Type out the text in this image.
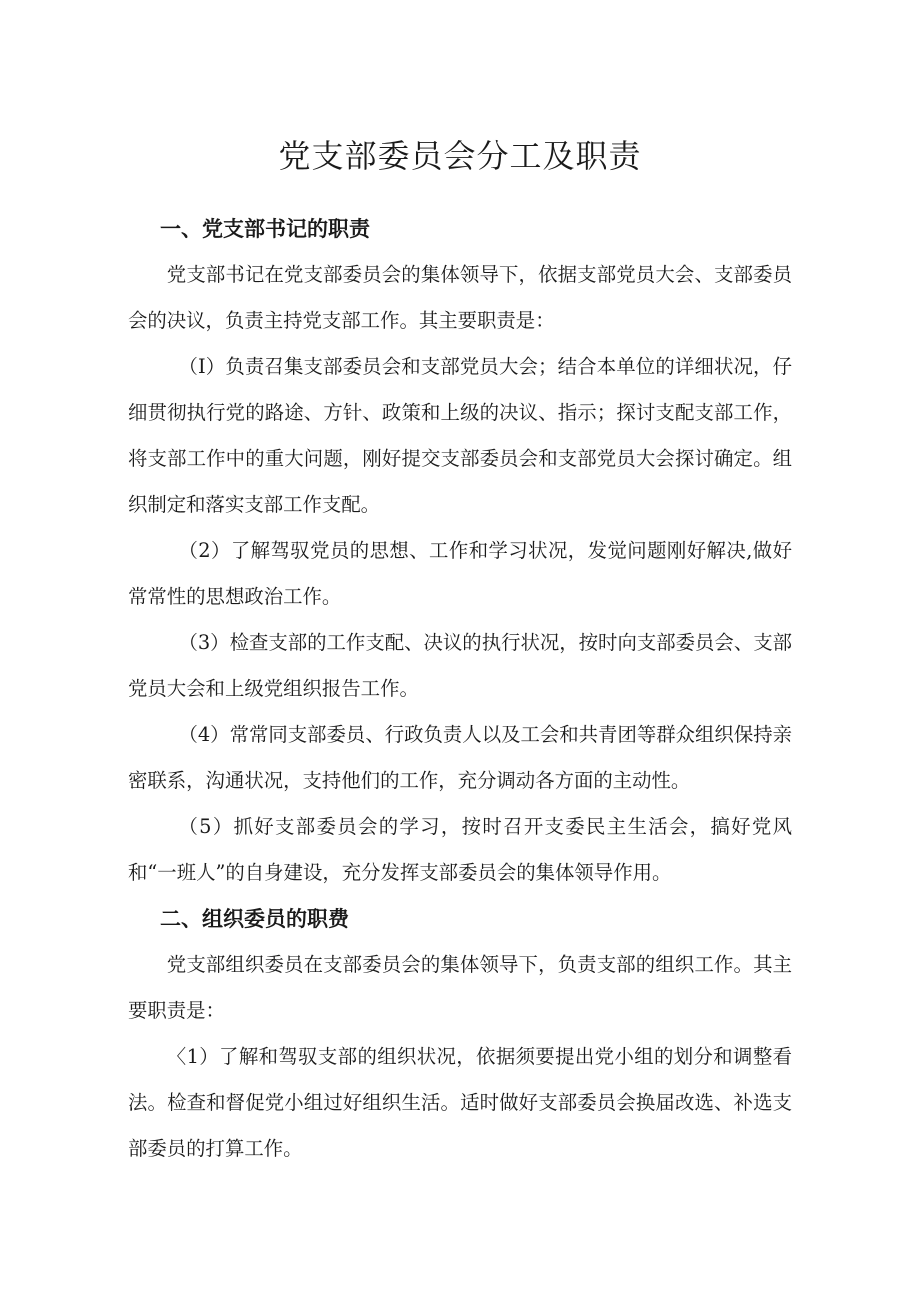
党支部委员会分工及职责
一、党支部书记的职责

党支部书记在党支部委员会的集体领导下，依据支部党员大会、支部委员会的决议，负责主持党支部工作。其主要职责是：

（I）负责召集支部委员会和支部党员大会；结合本单位的详细状况，仔细贯彻执行党的路途、方针、政策和上级的决议、指示；探讨支配支部工作，将支部工作中的重大问题，刚好提交支部委员会和支部党员大会探讨确定。组织制定和落实支部工作支配。

（2）了解驾驭党员的思想、工作和学习状况，发觉问题刚好解决,做好常常性的思想政治工作。

（3）检查支部的工作支配、决议的执行状况，按时向支部委员会、支部党员大会和上级党组织报告工作。

（4）常常同支部委员、行政负责人以及工会和共青团等群众组织保持亲密联系，沟通状况，支持他们的工作，充分调动各方面的主动性。

（5）抓好支部委员会的学习，按时召开支委民主生活会，搞好党风和“一班人”的自身建设，充分发挥支部委员会的集体领导作用。

二、组织委员的职费

党支部组织委员在支部委员会的集体领导下，负责支部的组织工作。其主要职责是：

〈1）了解和驾驭支部的组织状况，依据须要提出党小组的划分和调整看法。检查和督促党小组过好组织生活。适时做好支部委员会换届改选、补选支部委员的打算工作。
